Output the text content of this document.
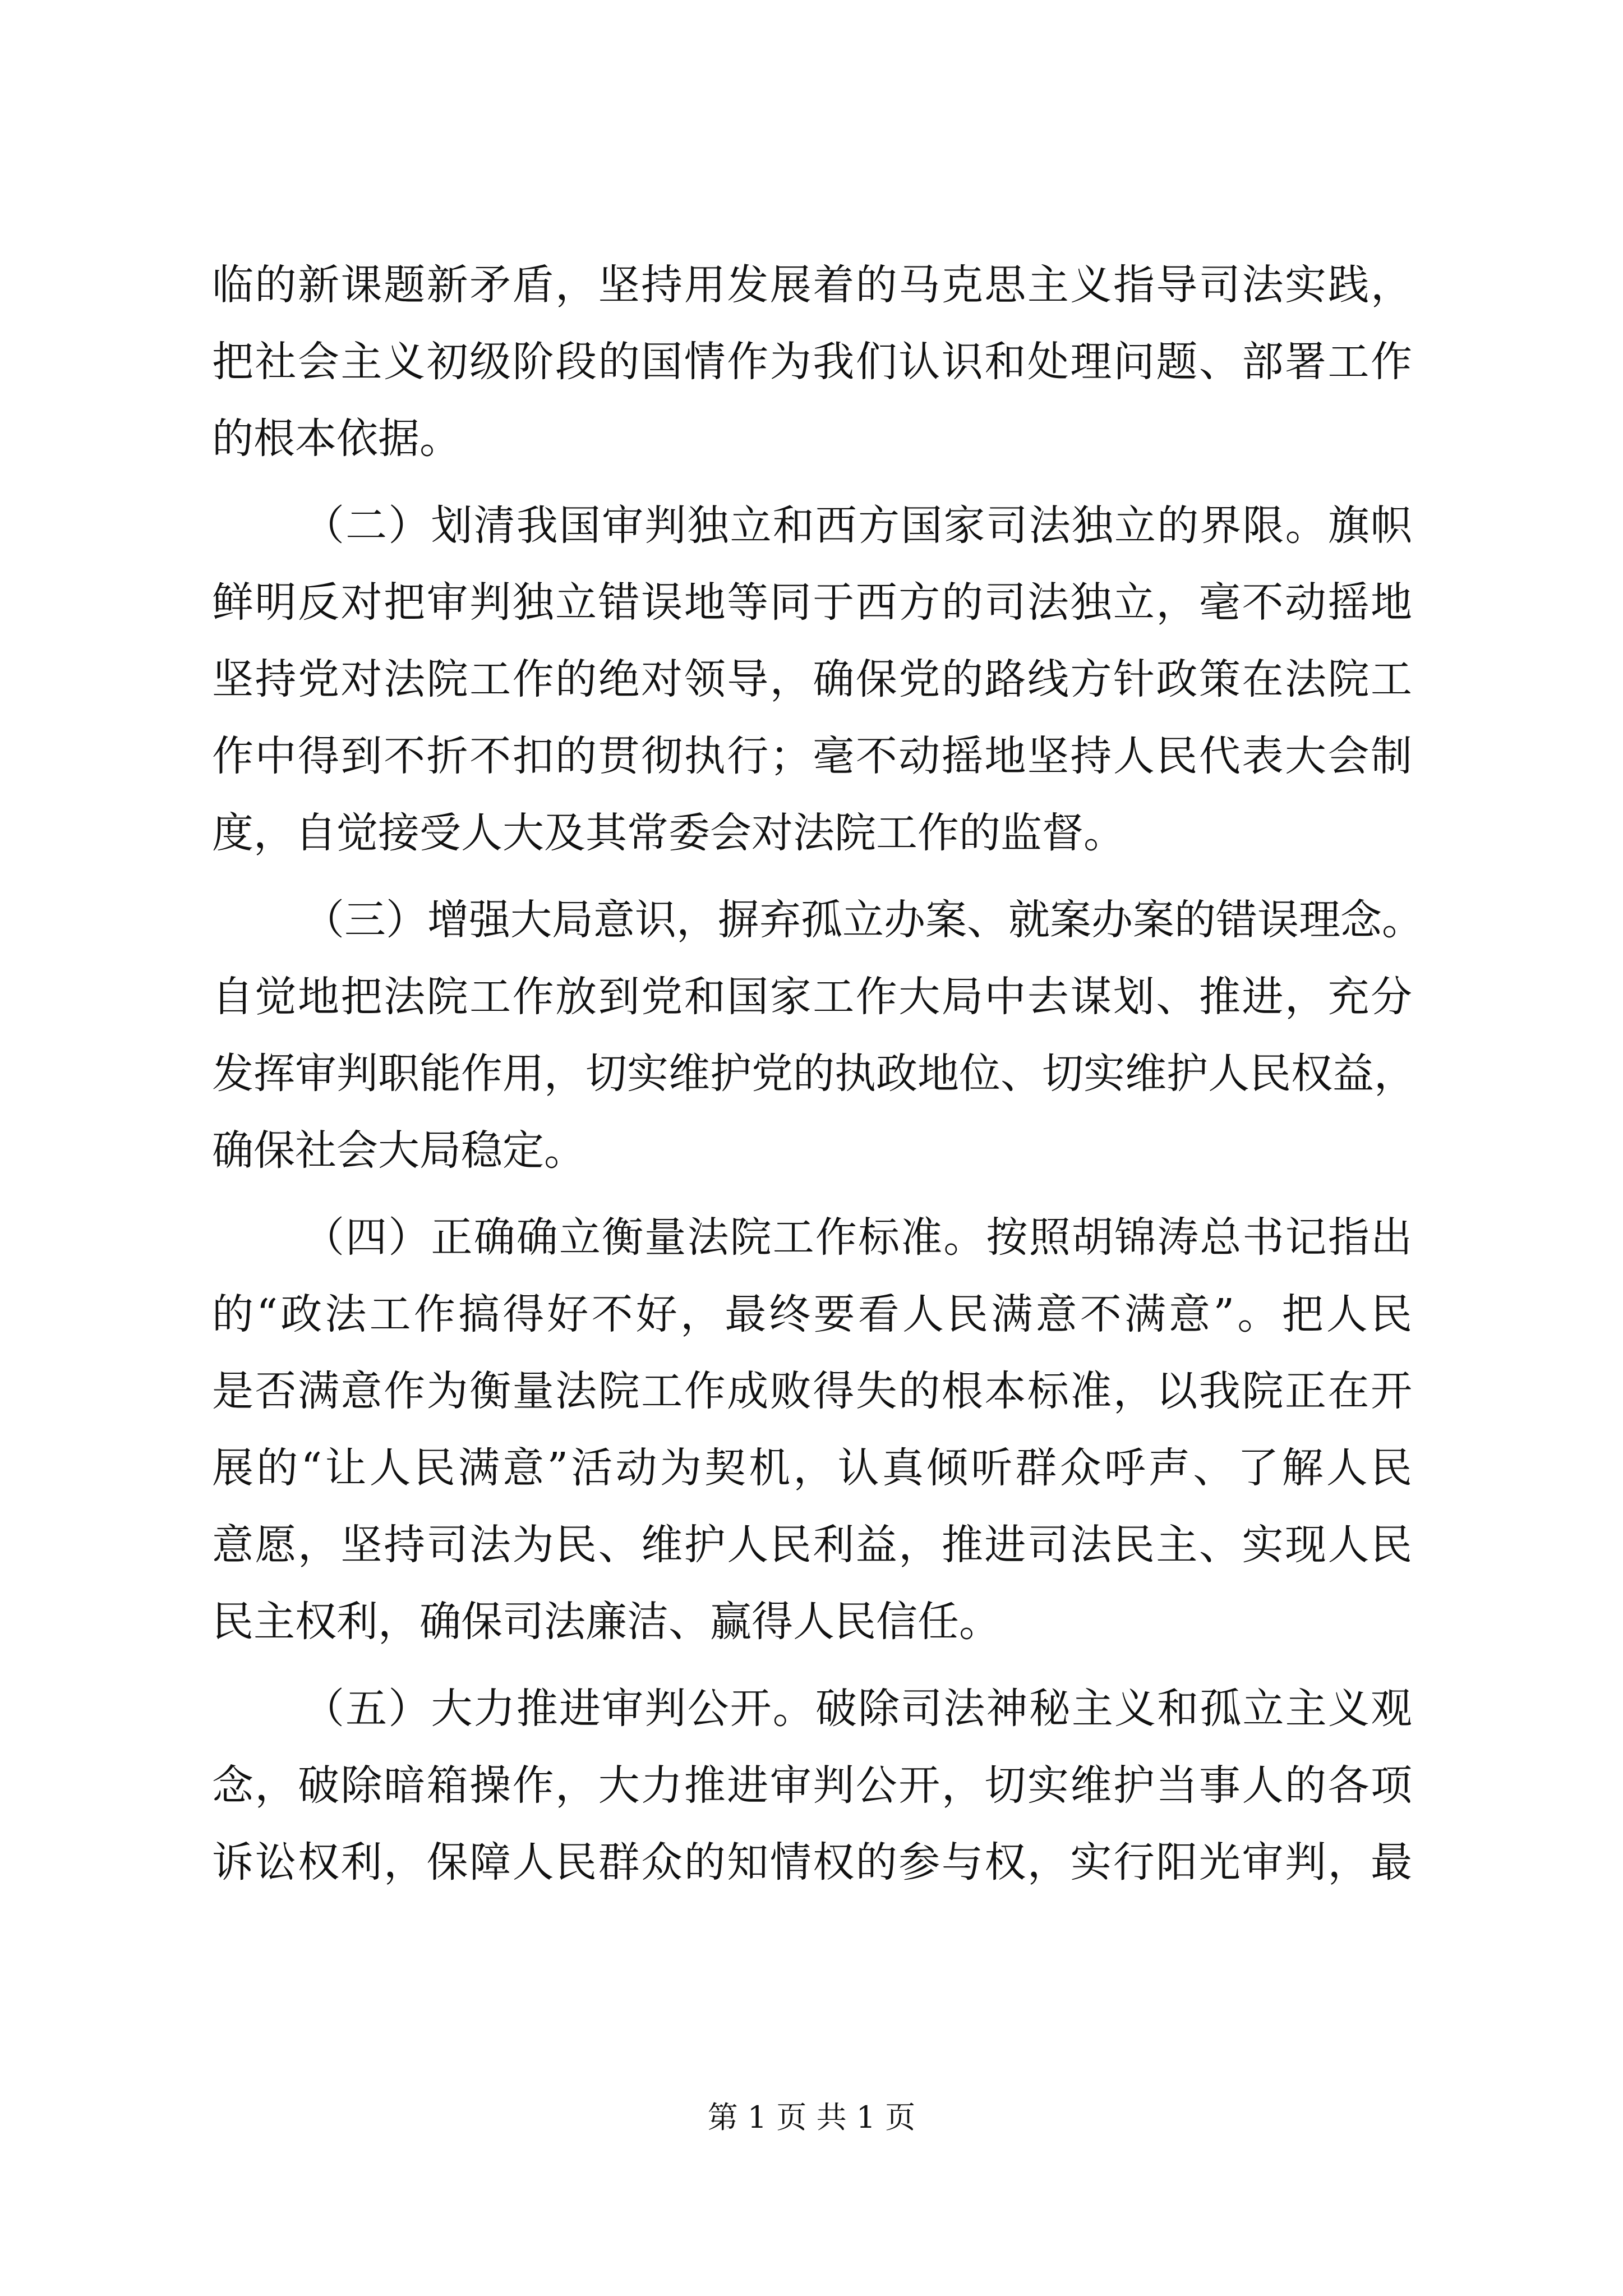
临的新课题新矛盾，坚持用发展着的马克思主义指导司法实践，
把社会主义初级阶段的国情作为我们认识和处理问题、部署工作
的根本依据。
（二）划清我国审判独立和西方国家司法独立的界限。旗帜
鲜明反对把审判独立错误地等同于西方的司法独立，毫不动摇地
坚持党对法院工作的绝对领导，确保党的路线方针政策在法院工
作中得到不折不扣的贯彻执行；毫不动摇地坚持人民代表大会制
度，自觉接受人大及其常委会对法院工作的监督。
（三）增强大局意识，摒弃孤立办案、就案办案的错误理念。
自觉地把法院工作放到党和国家工作大局中去谋划、推进，充分
发挥审判职能作用，切实维护党的执政地位、切实维护人民权益，
确保社会大局稳定。
（四）正确确立衡量法院工作标准。按照胡锦涛总书记指出
的“政法工作搞得好不好，最终要看人民满意不满意”。把人民
是否满意作为衡量法院工作成败得失的根本标准，以我院正在开
展的“让人民满意”活动为契机，认真倾听群众呼声、了解人民
意愿，坚持司法为民、维护人民利益，推进司法民主、实现人民
民主权利，确保司法廉洁、赢得人民信任。
（五）大力推进审判公开。破除司法神秘主义和孤立主义观
念，破除暗箱操作，大力推进审判公开，切实维护当事人的各项
诉讼权利，保障人民群众的知情权的参与权，实行阳光审判，最
第 1 页 共 1 页
